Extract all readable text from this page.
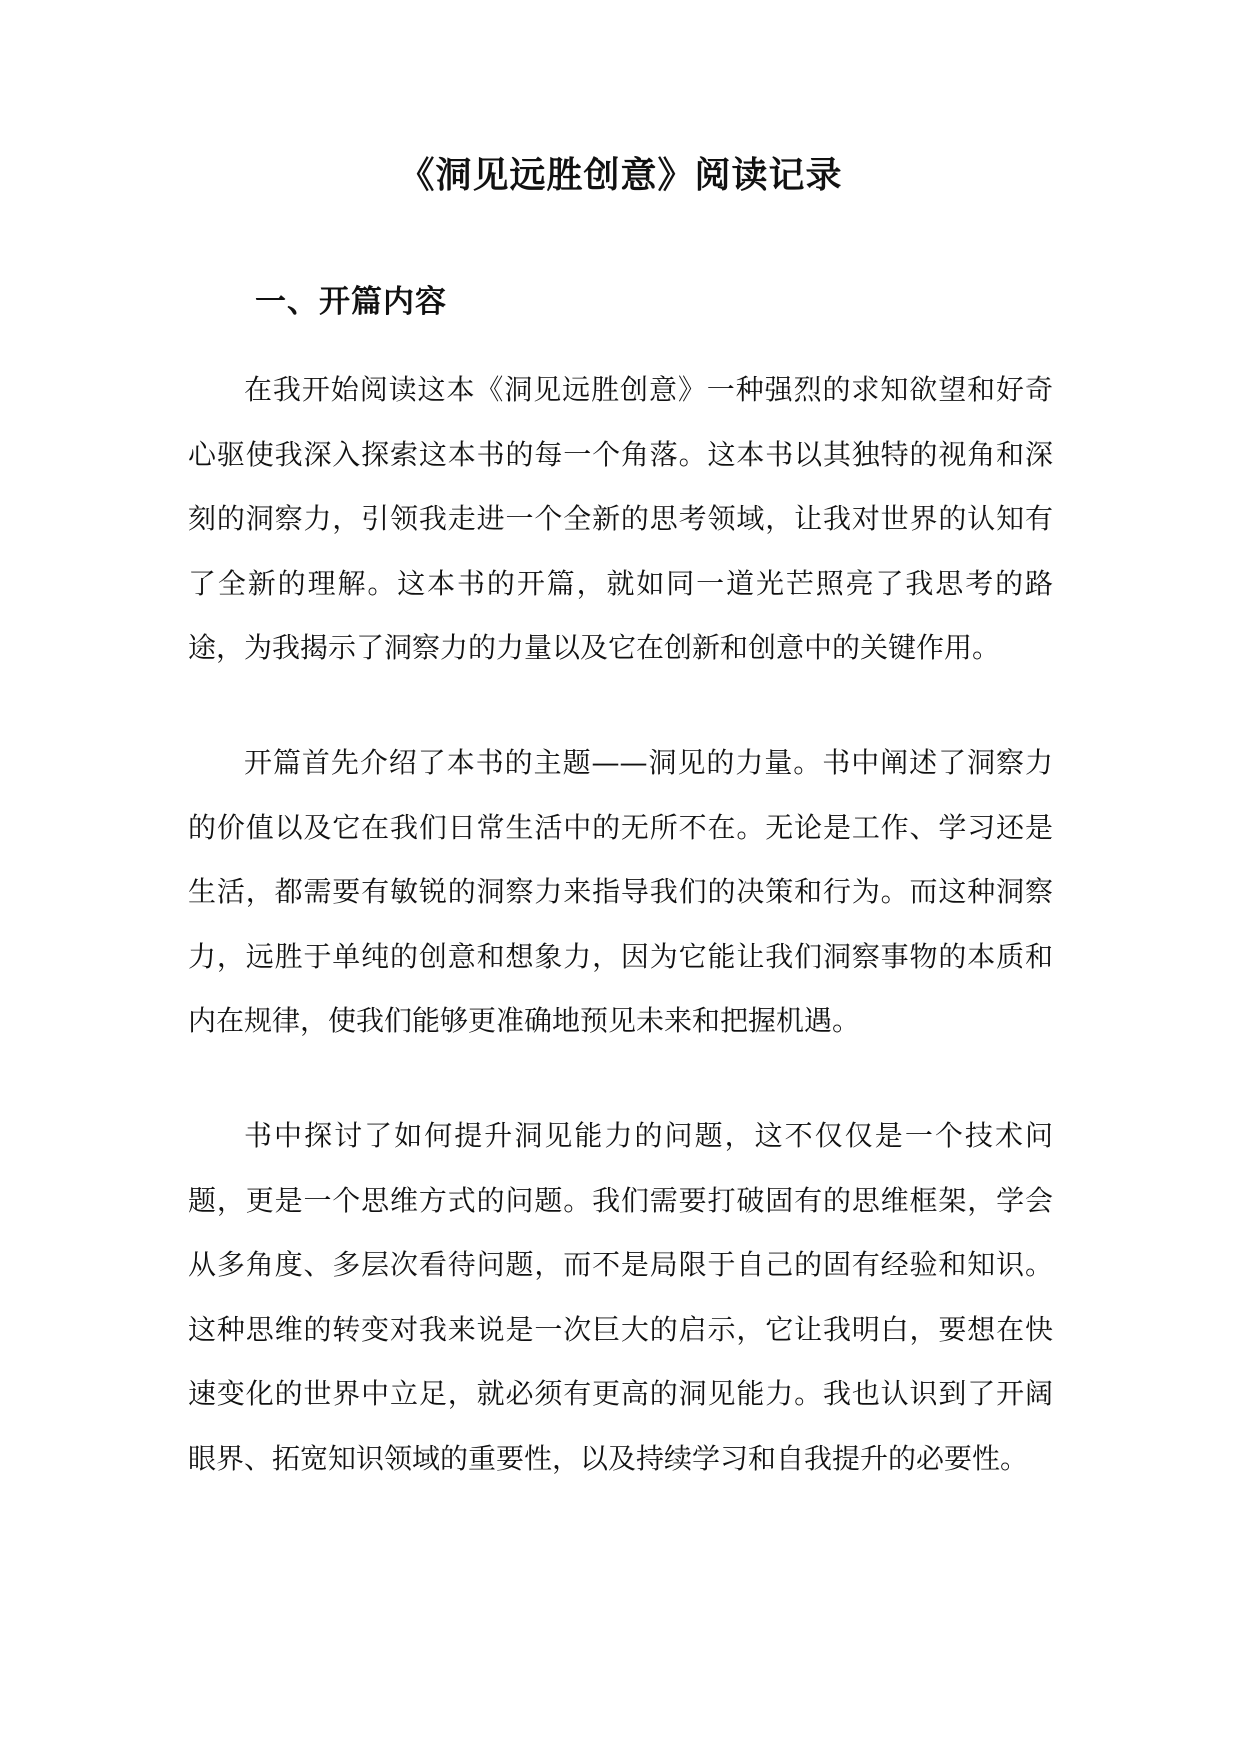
《洞见远胜创意》阅读记录
一、开篇内容

在我开始阅读这本《洞见远胜创意》一种强烈的求知欲望和好奇心驱使我深入探索这本书的每一个角落。这本书以其独特的视角和深刻的洞察力，引领我走进一个全新的思考领域，让我对世界的认知有了全新的理解。这本书的开篇，就如同一道光芒照亮了我思考的路途，为我揭示了洞察力的力量以及它在创新和创意中的关键作用。

开篇首先介绍了本书的主题——洞见的力量。书中阐述了洞察力的价值以及它在我们日常生活中的无所不在。无论是工作、学习还是生活，都需要有敏锐的洞察力来指导我们的决策和行为。而这种洞察力，远胜于单纯的创意和想象力，因为它能让我们洞察事物的本质和内在规律，使我们能够更准确地预见未来和把握机遇。

书中探讨了如何提升洞见能力的问题，这不仅仅是一个技术问题，更是一个思维方式的问题。我们需要打破固有的思维框架，学会从多角度、多层次看待问题，而不是局限于自己的固有经验和知识。这种思维的转变对我来说是一次巨大的启示，它让我明白，要想在快速变化的世界中立足，就必须有更高的洞见能力。我也认识到了开阔眼界、拓宽知识领域的重要性，以及持续学习和自我提升的必要性。
